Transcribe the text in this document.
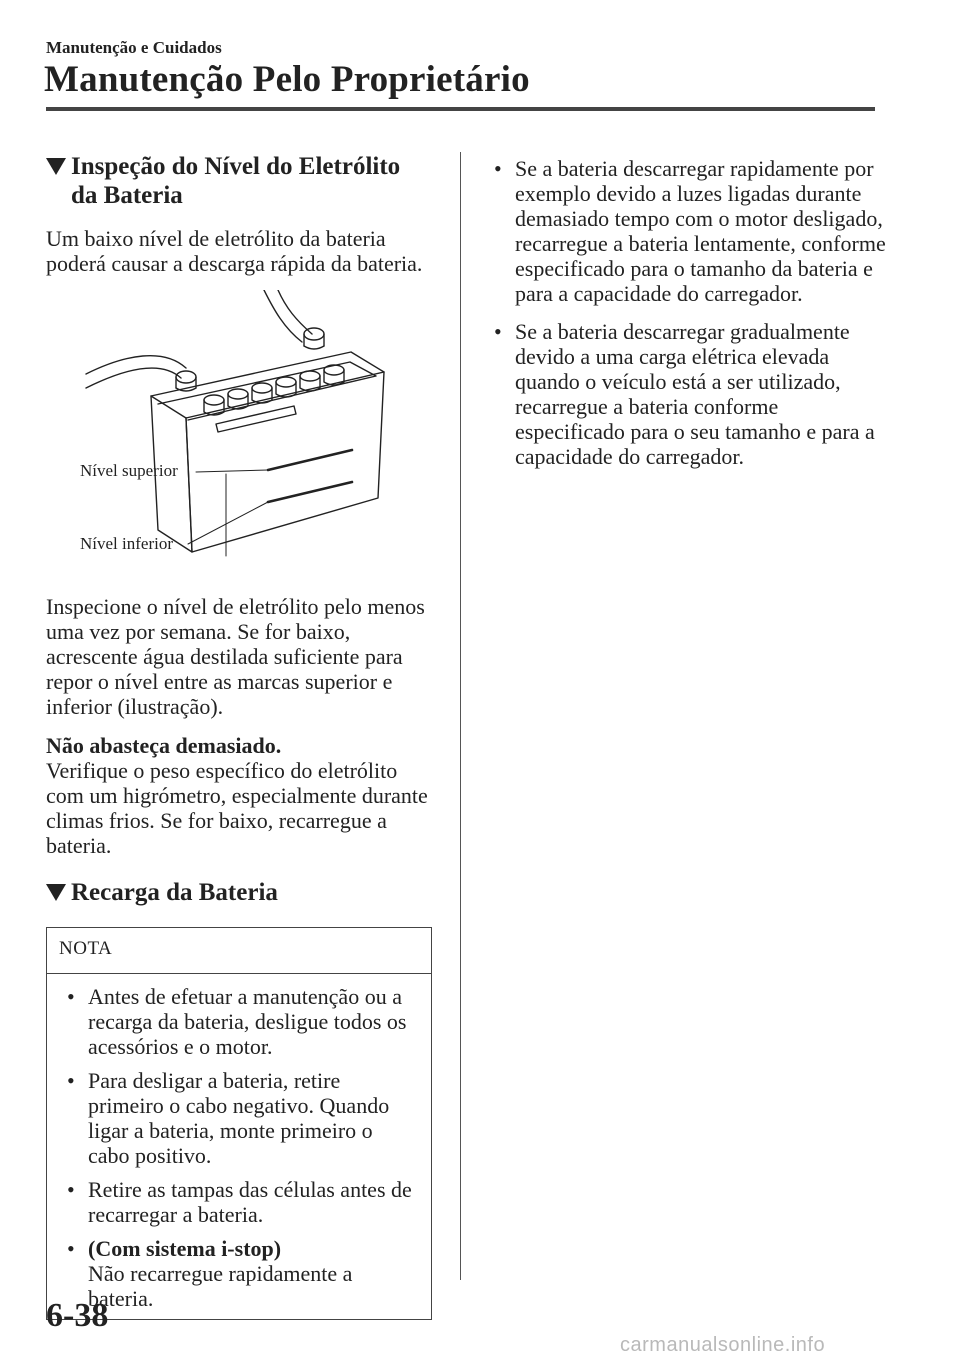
Manutenção e Cuidados
Manutenção Pelo Proprietário
Inspeção do Nível do Eletrólito
da Bateria

Um baixo nível de eletrólito da bateria poderá causar a descarga rápida da bateria.

Nível superior
Nível inferior

Inspecione o nível de eletrólito pelo menos uma vez por semana. Se for baixo, acrescente água destilada suficiente para repor o nível entre as marcas superior e inferior (ilustração).

Não abasteça demasiado.

Verifique o peso específico do eletrólito com um higrómetro, especialmente durante climas frios. Se for baixo, recarregue a bateria.

Recarga da Bateria
NOTA
• Antes de efetuar a manutenção ou a recarga da bateria, desligue todos os acessórios e o motor.
• Para desligar a bateria, retire primeiro o cabo negativo. Quando ligar a bateria, monte primeiro o cabo positivo.
• Retire as tampas das células antes de recarregar a bateria.
• (Com sistema i-stop)
Não recarregue rapidamente a bateria.
• Se a bateria descarregar rapidamente por exemplo devido a luzes ligadas durante demasiado tempo com o motor desligado, recarregue a bateria lentamente, conforme especificado para o tamanho da bateria e para a capacidade do carregador.
• Se a bateria descarregar gradualmente devido a uma carga elétrica elevada quando o veículo está a ser utilizado, recarregue a bateria conforme especificado para o seu tamanho e para a capacidade do carregador.
6-38
carmanualsonline.info
